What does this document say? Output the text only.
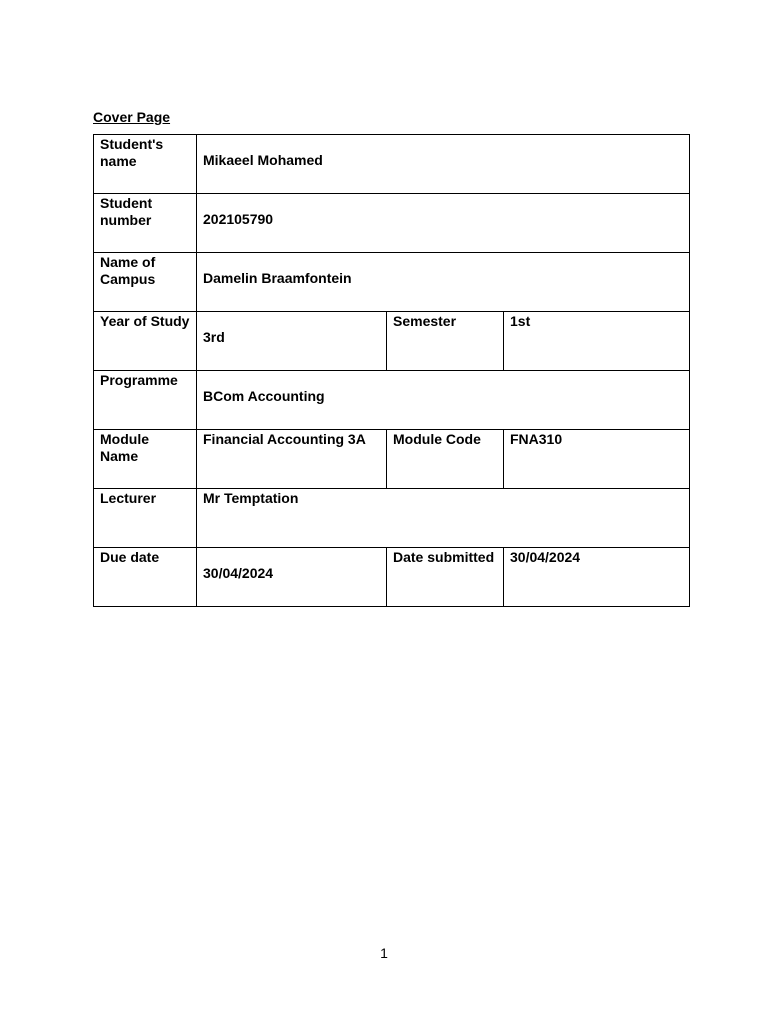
Cover Page
Student's name	Mikaeel Mohamed		

Student number	202105790		

Name of Campus	Damelin Braamfontein		

Year of Study	3rd	Semester	1st

Programme	BCom Accounting		

Module Name	Financial Accounting 3A	Module Code	FNA310

Lecturer	Mr Temptation		

Due date	30/04/2024	Date submitted	30/04/2024
1
